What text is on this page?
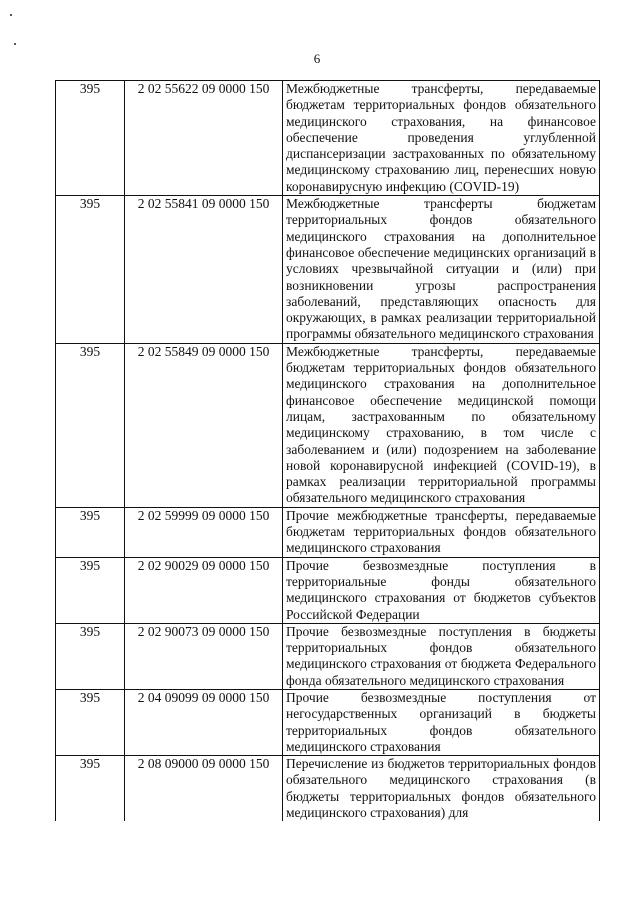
6
395	2 02 55622 09 0000 150	Межбюджетные трансферты, передаваемые бюджетам территориальных фондов обязательного медицинского страхования, на финансовое обеспечение проведения углубленной диспансеризации застрахованных по обязательному медицинскому страхованию лиц, перенесших новую коронавирусную инфекцию (COVID-19)
395	2 02 55841 09 0000 150	Межбюджетные трансферты бюджетам территориальных фондов обязательного медицинского страхования на дополнительное финансовое обеспечение медицинских организаций в условиях чрезвычайной ситуации и (или) при возникновении угрозы распространения заболеваний, представляющих опасность для окружающих, в рамках реализации территориальной программы обязательного медицинского страхования
395	2 02 55849 09 0000 150	Межбюджетные трансферты, передаваемые бюджетам территориальных фондов обязательного медицинского страхования на дополнительное финансовое обеспечение медицинской помощи лицам, застрахованным по обязательному медицинскому страхованию, в том числе с заболеванием и (или) подозрением на заболевание новой коронавирусной инфекцией (COVID-19), в рамках реализации территориальной программы обязательного медицинского страхования
395	2 02 59999 09 0000 150	Прочие межбюджетные трансферты, передаваемые бюджетам территориальных фондов обязательного медицинского страхования
395	2 02 90029 09 0000 150	Прочие безвозмездные поступления в территориальные фонды обязательного медицинского страхования от бюджетов субъектов Российской Федерации
395	2 02 90073 09 0000 150	Прочие безвозмездные поступления в бюджеты территориальных фондов обязательного медицинского страхования от бюджета Федерального фонда обязательного медицинского страхования
395	2 04 09099 09 0000 150	Прочие безвозмездные поступления от негосударственных организаций в бюджеты территориальных фондов обязательного медицинского страхования
395	2 08 09000 09 0000 150	Перечисление из бюджетов территориальных фондов обязательного медицинского страхования (в бюджеты территориальных фондов обязательного медицинского страхования) для
